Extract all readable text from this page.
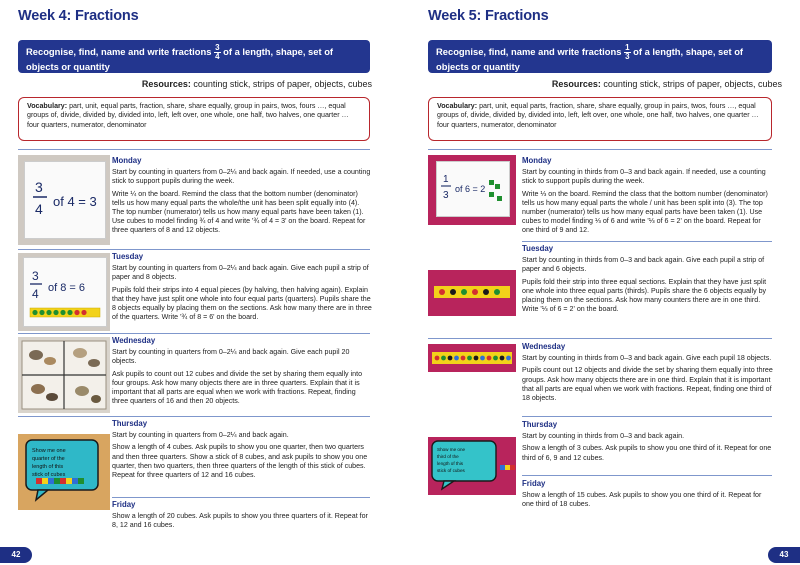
Week 4: Fractions
Recognise, find, name and write fractions $\frac{3}{4}$ of a length, shape, set of objects or quantity
Resources: counting stick, strips of paper, objects, cubes
Vocabulary: part, unit, equal parts, fraction, share, share equally, group in pairs, twos, fours …, equal groups of, divide, divided by, divided into, left, left over, one whole, one half, two halves, one quarter … four quarters, numerator, denominator
3
4 of 4 = 3
Monday

Start by counting in quarters from 0–2¼ and back again. If needed, use a counting stick to support pupils during the week.

Write ¼ on the board. Remind the class that the bottom number (denominator) tells us how many equal parts the whole/the unit has been split equally into (4). The top number (numerator) tells us how many equal parts have been taken (1). Use cubes to model finding ¾ of 4 and write '¾ of 4 = 3' on the board. Repeat for three quarters of 8 and 12 objects.

3
4 of 8 = 6
Tuesday

Start by counting in quarters from 0–2¼ and back again. Give each pupil a strip of paper and 8 objects.

Pupils fold their strips into 4 equal pieces (by halving, then halving again). Explain that they have just split one whole into four equal parts (quarters). Pupils share the 8 objects equally by placing them on the sections. Ask how many there are in three of the quarters. Write '¾ of 8 = 6' on the board.

Wednesday

Start by counting in quarters from 0–2¼ and back again. Give each pupil 20 objects.

Ask pupils to count out 12 cubes and divide the set by sharing them equally into four groups. Ask how many objects there are in three quarters. Explain that it is important that all parts are equal when we work with fractions. Repeat, finding three quarters of 16 and then 20 objects.

Show me one quarter of the length of this stick of cubes
Show me one
quarter of the
length of this
stick of cubes
Thursday

Start by counting in quarters from 0–2¼ and back again.

Show a length of 4 cubes. Ask pupils to show you one quarter, then two quarters and then three quarters. Show a stick of 8 cubes, and ask pupils to show you one quarter, then two quarters, then three quarters of the length of this stick of cubes. Repeat for three quarters of 12 and 16 cubes.

Friday

Show a length of 20 cubes. Ask pupils to show you three quarters of it. Repeat for 8, 12 and 16 cubes.

42
Week 5: Fractions
Recognise, find, name and write fractions $\frac{1}{3}$ of a length, shape, set of objects or quantity
Resources: counting stick, strips of paper, objects, cubes
Vocabulary: part, unit, equal parts, fraction, share, share equally, group in pairs, twos, fours …, equal groups of, divide, divided by, divided into, left, left over, one whole, one half, two halves, one quarter … four quarters, numerator, denominator
1
3
of 6 = 2
Monday

Start by counting in thirds from 0–3 and back again. If needed, use a counting stick to support pupils during the week.

Write ⅓ on the board. Remind the class that the bottom number (denominator) tells us how many equal parts the whole / unit has been split into (3). The top number (numerator) tells us how many equal parts have been taken (1). Use cubes to model finding ⅓ of 6 and write '⅓ of 6 = 2' on the board. Repeat for one third of 9 and 12.

Tuesday

Start by counting in thirds from 0–3 and back again. Give each pupil a strip of paper and 6 objects.

Pupils fold their strip into three equal sections. Explain that they have just split one whole into three equal parts (thirds). Pupils share the 6 objects equally by placing them on the sections. Ask how many counters there are in one third. Write '⅓ of 6 = 2' on the board.

Wednesday

Start by counting in thirds from 0–3 and back again. Give each pupil 18 objects.

Pupils count out 12 objects and divide the set by sharing them equally into three groups. Ask how many objects there are in one third. Explain that it is important that all parts are equal when we work with fractions. Repeat, finding one third of 18 objects.

Show me one third of the length of this stick of cubes
Show me one
third of the
length of this
stick of cubes
Thursday

Start by counting in thirds from 0–3 and back again.

Show a length of 3 cubes. Ask pupils to show you one third of it. Repeat for one third of 6, 9 and 12 cubes.

Friday

Show a length of 15 cubes. Ask pupils to show you one third of it. Repeat for one third of 18 cubes.

43
